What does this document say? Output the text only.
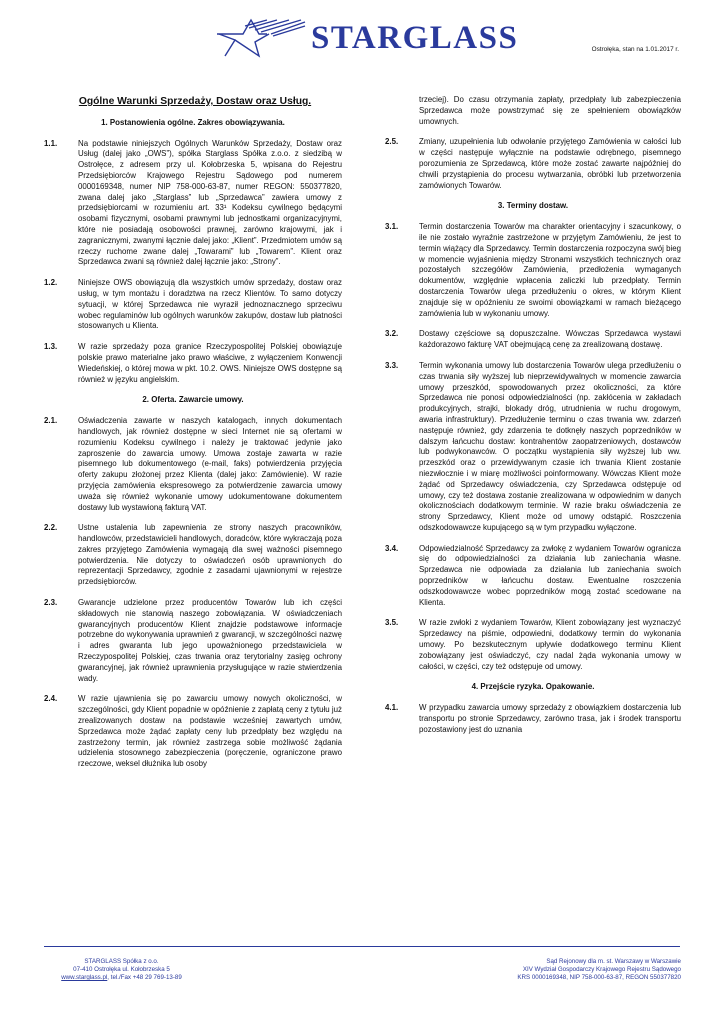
STARGLASS	Ostrołęka, stan na 1.01.2017 r.
Ogólne Warunki Sprzedaży, Dostaw oraz Usług.
1. Postanowienia ogólne. Zakres obowiązywania.
1.1.	Na podstawie niniejszych Ogólnych Warunków Sprzedaży, Dostaw oraz Usług (dalej jako „OWS”), spółka Starglass Spółka z.o.o. z siedzibą w Ostrołęce, z adresem przy ul. Kołobrzeska 5, wpisana do Rejestru Przedsiębiorców Krajowego Rejestru Sądowego pod numerem 0000169348, numer NIP 758-000-63-87, numer REGON: 550377820, zwana dalej jako „Starglass” lub „Sprzedawca” zawiera umowy z przedsiębiorcami w rozumieniu art. 33¹ Kodeksu cywilnego będącymi osobami fizycznymi, osobami prawnymi lub jednostkami organizacyjnymi, które nie posiadają osobowości prawnej, zarówno krajowymi, jak i zagranicznymi, zwanymi łącznie dalej jako: „Klient”. Przedmiotem umów są rzeczy ruchome zwane dalej „Towarami” lub „Towarem”. Klient oraz Sprzedawca zwani są również dalej łącznie jako: „Strony”.
1.2.	Niniejsze OWS obowiązują dla wszystkich umów sprzedaży, dostaw oraz usług, w tym montażu i doradztwa na rzecz Klientów. To samo dotyczy sytuacji, w której Sprzedawca nie wyraził jednoznacznego sprzeciwu wobec regulaminów lub ogólnych warunków zakupów, dostaw lub płatności stosowanych u Klienta.
1.3.	W razie sprzedaży poza granice Rzeczypospolitej Polskiej obowiązuje polskie prawo materialne jako prawo właściwe, z wyłączeniem Konwencji Wiedeńskiej, o której mowa w pkt. 10.2. OWS. Niniejsze OWS dostępne są również w języku angielskim.
2. Oferta. Zawarcie umowy.
2.1.	Oświadczenia zawarte w naszych katalogach, innych dokumentach handlowych, jak również dostępne w sieci Internet nie są ofertami w rozumieniu Kodeksu cywilnego i należy je traktować jedynie jako zaproszenie do zawarcia umowy. Umowa zostaje zawarta w razie pisemnego lub dokumentowego (e-mail, faks) potwierdzenia przyjęcia oferty zakupu złożonej przez Klienta (dalej jako: Zamówienie). W razie przyjęcia zamówienia ekspresowego za potwierdzenie zawarcia umowy uważa się również wykonanie umowy udokumentowane dokumentem dostawy lub wystawioną fakturą VAT.
2.2.	Ustne ustalenia lub zapewnienia ze strony naszych pracowników, handlowców, przedstawicieli handlowych, doradców, które wykraczają poza zakres przyjętego Zamówienia wymagają dla swej ważności pisemnego potwierdzenia. Nie dotyczy to oświadczeń osób uprawnionych do reprezentacji Sprzedawcy, zgodnie z zasadami ujawnionymi w rejestrze przedsiębiorców.
2.3.	Gwarancje udzielone przez producentów Towarów lub ich części składowych nie stanowią naszego zobowiązania. W oświadczeniach gwarancyjnych producentów Klient znajdzie podstawowe informacje potrzebne do wykonywania uprawnień z gwarancji, w szczególności nazwę i adres gwaranta lub jego upoważnionego przedstawiciela w Rzeczypospolitej Polskiej, czas trwania oraz terytorialny zasięg ochrony gwarancyjnej, jak również uprawnienia przysługujące w razie stwierdzenia wady.
2.4.	W razie ujawnienia się po zawarciu umowy nowych okoliczności, w szczególności, gdy Klient popadnie w opóźnienie z zapłatą ceny z tytułu już zrealizowanych dostaw na podstawie wcześniej zawartych umów, Sprzedawca może żądać zapłaty ceny lub przedpłaty bez względu na zastrzeżony termin, jak również zastrzega sobie możliwość żądania udzielenia stosownego zabezpieczenia (poręczenie, ograniczone prawo rzeczowe, weksel dłużnika lub osoby
trzeciej). Do czasu otrzymania zapłaty, przedpłaty lub zabezpieczenia Sprzedawca może powstrzymać się ze spełnieniem obowiązków umownych.
2.5.	Zmiany, uzupełnienia lub odwołanie przyjętego Zamówienia w całości lub w części następuje wyłącznie na podstawie odrębnego, pisemnego porozumienia ze Sprzedawcą, które może zostać zawarte najpóźniej do chwili przystąpienia do procesu wytwarzania, obróbki lub przetworzenia zamówionych Towarów.
3. Terminy dostaw.
3.1.	Termin dostarczenia Towarów ma charakter orientacyjny i szacunkowy, o ile nie zostało wyraźnie zastrzeżone w przyjętym Zamówieniu, że jest to termin wiążący dla Sprzedawcy. Termin dostarczenia rozpoczyna swój bieg w momencie wyjaśnienia między Stronami wszystkich technicznych oraz pozostałych szczegółów Zamówienia, przedłożenia wymaganych dokumentów, względnie wpłacenia zaliczki lub przedpłaty. Termin dostarczenia Towarów ulega przedłużeniu o okres, w którym Klient znajduje się w opóźnieniu ze swoimi obowiązkami w ramach bieżącego zamówienia lub w wykonaniu umowy.
3.2.	Dostawy częściowe są dopuszczalne. Wówczas Sprzedawca wystawi każdorazowo fakturę VAT obejmującą cenę za zrealizowaną dostawę.
3.3.	Termin wykonania umowy lub dostarczenia Towarów ulega przedłużeniu o czas trwania siły wyższej lub nieprzewidywalnych w momencie zawarcia umowy przeszkód, spowodowanych przez okoliczności, za które Sprzedawca nie ponosi odpowiedzialności (np. zakłócenia w zakładach produkcyjnych, strajki, blokady dróg, utrudnienia w ruchu drogowym, awaria infrastruktury). Przedłużenie terminu o czas trwania ww. zdarzeń następuje również, gdy zdarzenia te dotknęły naszych poprzedników w dalszym łańcuchu dostaw: kontrahentów zaopatrzeniowych, dostawców lub podwykonawców. O początku wystąpienia siły wyższej lub ww. przeszkód oraz o przewidywanym czasie ich trwania Klient zostanie niezwłocznie i w miarę możliwości poinformowany. Wówczas Klient może żądać od Sprzedawcy oświadczenia, czy Sprzedawca odstępuje od umowy, czy też dostawa zostanie zrealizowana w odpowiednim w danych okolicznościach dodatkowym terminie. W razie braku oświadczenia ze strony Sprzedawcy, Klient może od umowy odstąpić. Roszczenia odszkodowawcze kupującego są w tym przypadku wyłączone.
3.4.	Odpowiedzialność Sprzedawcy za zwłokę z wydaniem Towarów ogranicza się do odpowiedzialności za działania lub zaniechania własne. Sprzedawca nie odpowiada za działania lub zaniechania swoich poprzedników w łańcuchu dostaw. Ewentualne roszczenia odszkodowawcze wobec poprzedników mogą zostać scedowane na Klienta.
3.5.	W razie zwłoki z wydaniem Towarów, Klient zobowiązany jest wyznaczyć Sprzedawcy na piśmie, odpowiedni, dodatkowy termin do wykonania umowy. Po bezskutecznym upływie dodatkowego terminu Klient zobowiązany jest oświadczyć, czy nadal żąda wykonania umowy w całości, w części, czy też odstępuje od umowy.
4. Przejście ryzyka. Opakowanie.
4.1.	W przypadku zawarcia umowy sprzedaży z obowiązkiem dostarczenia lub transportu po stronie Sprzedawcy, zarówno trasa, jak i środek transportu pozostawiony jest do uznania
STARGLASS Spółka z o.o.
07-410 Ostrołęka ul. Kołobrzeska 5
www.starglass.pl, tel./Fax +48 29 769-13-89
Sąd Rejonowy dla m. st. Warszawy w Warszawie
XIV Wydział Gospodarczy Krajowego Rejestru Sądowego
KRS 0000169348, NIP 758-000-63-87, REGON 550377820
